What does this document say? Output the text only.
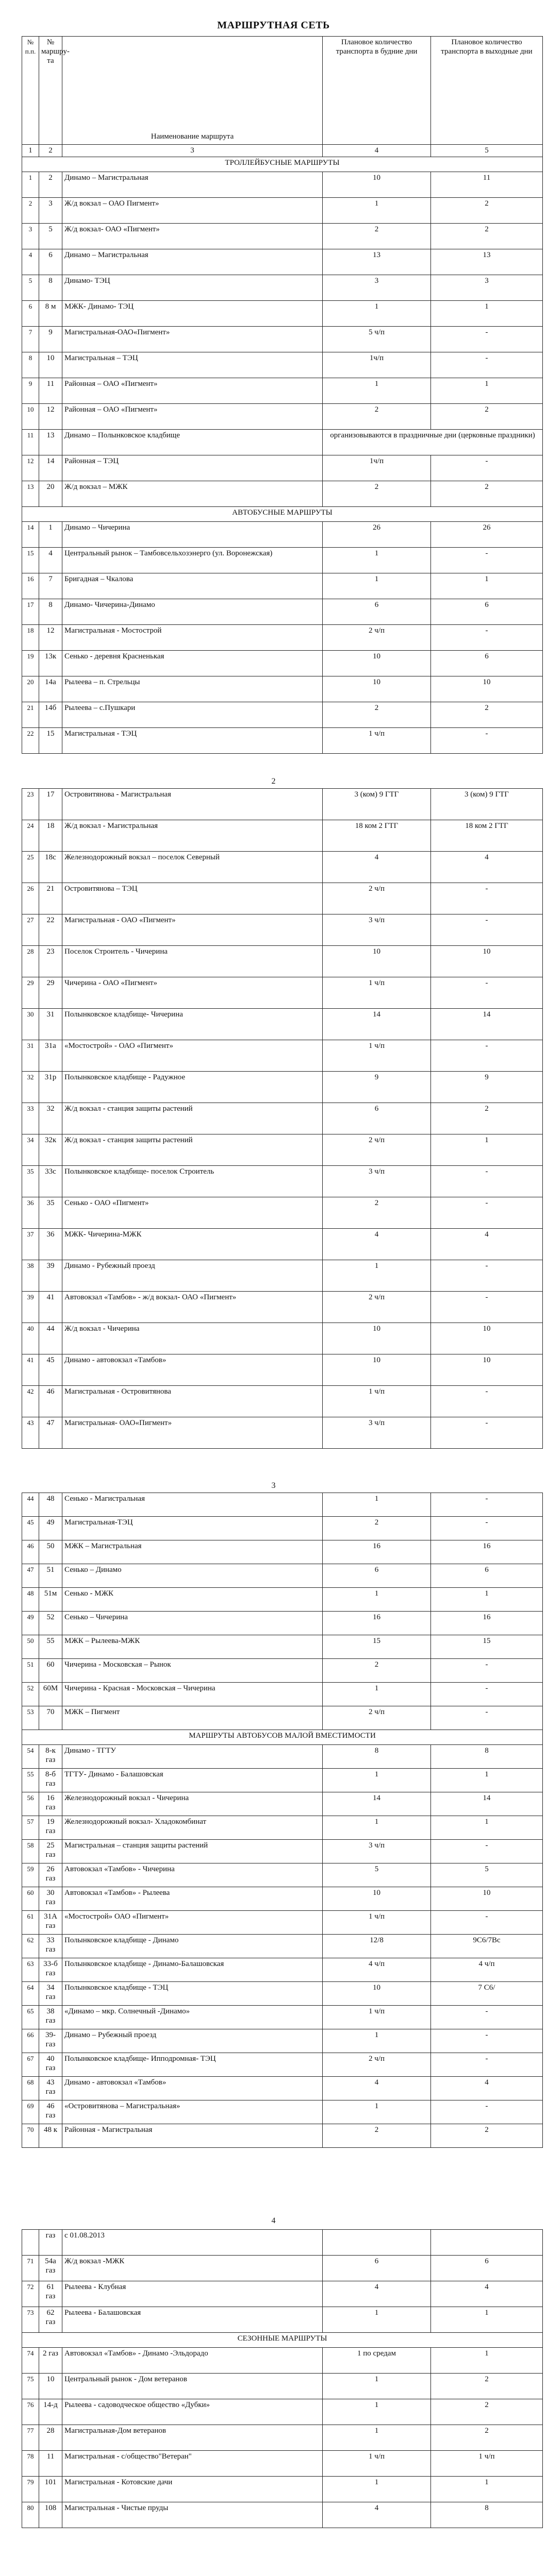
МАРШРУТНАЯ СЕТЬ
№ п.п.	№ маршру-та	Наименование маршрута	Плановое количество транспорта в будние дни	Плановое количество транспорта в выходные дни
1	2	3	4	5
ТРОЛЛЕЙБУСНЫЕ МАРШРУТЫ				
1	2	Динамо – Магистральная	10	11
2	3	Ж/д вокзал – ОАО Пигмент»	1	2
3	5	Ж/д вокзал- ОАО «Пигмент»	2	2
4	6	Динамо – Магистральная	13	13
5	8	Динамо- ТЭЦ	3	3
6	8 м	МЖК- Динамо- ТЭЦ	1	1
7	9	Магистральная-ОАО«Пигмент»	5 ч/п	-
8	10	Магистральная – ТЭЦ	1ч/п	-
9	11	Районная – ОАО «Пигмент»	1	1
10	12	Районная – ОАО «Пигмент»	2	2
11	13	Динамо – Полынковское кладбище	организовываются в праздничные дни (церковные праздники)	
12	14	Районная – ТЭЦ	1ч/п	-
13	20	Ж/д вокзал – МЖК	2	2
АВТОБУСНЫЕ МАРШРУТЫ				
14	1	Динамо – Чичерина	26	26
15	4	Центральный рынок – Тамбовсельхозэнерго (ул. Воронежская)	1	-
16	7	Бригадная – Чкалова	1	1
17	8	Динамо- Чичерина-Динамо	6	6
18	12	Магистральная - Мостострой	2 ч/п	-
19	13к	Сенько - деревня Красненькая	10	6
20	14а	Рылеева – п. Стрельцы	10	10
21	14б	Рылеева – с.Пушкари	2	2
22	15	Магистральная - ТЭЦ	1 ч/п	-
2
23	17	Островитянова - Магистральная	3 (ком) 9 ГТГ	3 (ком) 9 ГТГ
24	18	Ж/д вокзал - Магистральная	18 ком 2 ГТГ	18 ком 2 ГТГ
25	18с	Железнодорожный вокзал – поселок Северный	4	4
26	21	Островитянова – ТЭЦ	2 ч/п	-
27	22	Магистральная - ОАО «Пигмент»	3 ч/п	-
28	23	Поселок Строитель - Чичерина	10	10
29	29	Чичерина - ОАО «Пигмент»	1 ч/п	-
30	31	Полынковское кладбище- Чичерина	14	14
31	31а	«Мостострой» - ОАО «Пигмент»	1 ч/п	-
32	31р	Полынковское кладбище - Радужное	9	9
33	32	Ж/д вокзал - станция защиты растений	6	2
34	32к	Ж/д вокзал - станция защиты растений	2 ч/п	1
35	33с	Полынковское кладбище- поселок Строитель	3 ч/п	-
36	35	Сенько - ОАО «Пигмент»	2	-
37	36	МЖК- Чичерина-МЖК	4	4
38	39	Динамо - Рубежный проезд	1	-
39	41	Автовокзал «Тамбов» - ж/д вокзал- ОАО «Пигмент»	2 ч/п	-
40	44	Ж/д вокзал - Чичерина	10	10
41	45	Динамо - автовокзал «Тамбов»	10	10
42	46	Магистральная - Островитянова	1 ч/п	-
43	47	Магистральная- ОАО«Пигмент»	3 ч/п	-
3
44	48	Сенько - Магистральная	1	-
45	49	Магистральная-ТЭЦ	2	-
46	50	МЖК – Магистральная	16	16
47	51	Сенько – Динамо	6	6
48	51м	Сенько - МЖК	1	1
49	52	Сенько – Чичерина	16	16
50	55	МЖК – Рылеева-МЖК	15	15
51	60	Чичерина - Московская – Рынок	2	-
52	60М	Чичерина - Красная - Московская – Чичерина	1	-
53	70	МЖК – Пигмент	2 ч/п	-
МАРШРУТЫ АВТОБУСОВ МАЛОЙ ВМЕСТИМОСТИ				
54	8-к газ	Динамо - ТГТУ	8	8
55	8-б газ	ТГТУ- Динамо - Балашовская	1	1
56	16 газ	Железнодорожный вокзал - Чичерина	14	14
57	19 газ	Железнодорожный вокзал- Хладокомбинат	1	1
58	25 газ	Магистральная – станция защиты растений	3 ч/п	-
59	26 газ	Автовокзал «Тамбов» - Чичерина	5	5
60	30 газ	Автовокзал «Тамбов» - Рылеева	10	10
61	31А газ	«Мостострой» ОАО «Пигмент»	1 ч/п	-
62	33 газ	Полынковское кладбище - Динамо	12/8	9С6/7Вс
63	33-б газ	Полынковское кладбище - Динамо-Балашовская	4 ч/п	4 ч/п
64	34 газ	Полынковское кладбище - ТЭЦ	10	7 С6/
65	38 газ	«Динамо – мкр. Солнечный -Динамо»	1 ч/п	-
66	39- газ	Динамо – Рубежный проезд	1	-
67	40 газ	Полынковское кладбище- Ипподромная- ТЭЦ	2 ч/п	-
68	43 газ	Динамо - автовокзал «Тамбов»	4	4
69	46 газ	«Островитянова – Магистральная»	1	-
70	48 к	Районная - Магистральная	2	2
4
	газ	с 01.08.2013		
71	54а газ	Ж/д вокзал -МЖК	6	6
72	61 газ	Рылеева - Клубная	4	4
73	62 газ	Рылеева - Балашовская	1	1
СЕЗОННЫЕ МАРШРУТЫ				
74	2 газ	Автовокзал «Тамбов» - Динамо -Эльдорадо	1 по средам	1
75	10	Центральный рынок - Дом ветеранов	1	2
76	14-д	Рылеева - садоводческое общество «Дубки»	1	2
77	28	Магистральная-Дом ветеранов	1	2
78	11	Магистральная - с/общество"Ветеран"	1 ч/п	1 ч/п
79	101	Магистральная - Котовские дачи	1	1
80	108	Магистральная - Чистые пруды	4	8
